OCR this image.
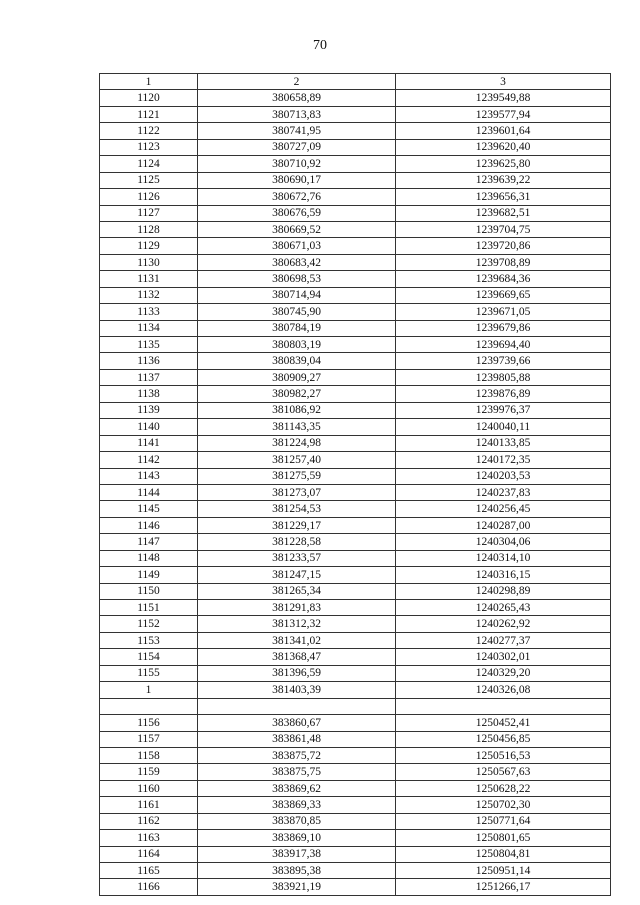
70
1	2	3
1120	380658,89	1239549,88
1121	380713,83	1239577,94
1122	380741,95	1239601,64
1123	380727,09	1239620,40
1124	380710,92	1239625,80
1125	380690,17	1239639,22
1126	380672,76	1239656,31
1127	380676,59	1239682,51
1128	380669,52	1239704,75
1129	380671,03	1239720,86
1130	380683,42	1239708,89
1131	380698,53	1239684,36
1132	380714,94	1239669,65
1133	380745,90	1239671,05
1134	380784,19	1239679,86
1135	380803,19	1239694,40
1136	380839,04	1239739,66
1137	380909,27	1239805,88
1138	380982,27	1239876,89
1139	381086,92	1239976,37
1140	381143,35	1240040,11
1141	381224,98	1240133,85
1142	381257,40	1240172,35
1143	381275,59	1240203,53
1144	381273,07	1240237,83
1145	381254,53	1240256,45
1146	381229,17	1240287,00
1147	381228,58	1240304,06
1148	381233,57	1240314,10
1149	381247,15	1240316,15
1150	381265,34	1240298,89
1151	381291,83	1240265,43
1152	381312,32	1240262,92
1153	381341,02	1240277,37
1154	381368,47	1240302,01
1155	381396,59	1240329,20
1	381403,39	1240326,08

1156	383860,67	1250452,41
1157	383861,48	1250456,85
1158	383875,72	1250516,53
1159	383875,75	1250567,63
1160	383869,62	1250628,22
1161	383869,33	1250702,30
1162	383870,85	1250771,64
1163	383869,10	1250801,65
1164	383917,38	1250804,81
1165	383895,38	1250951,14
1166	383921,19	1251266,17
